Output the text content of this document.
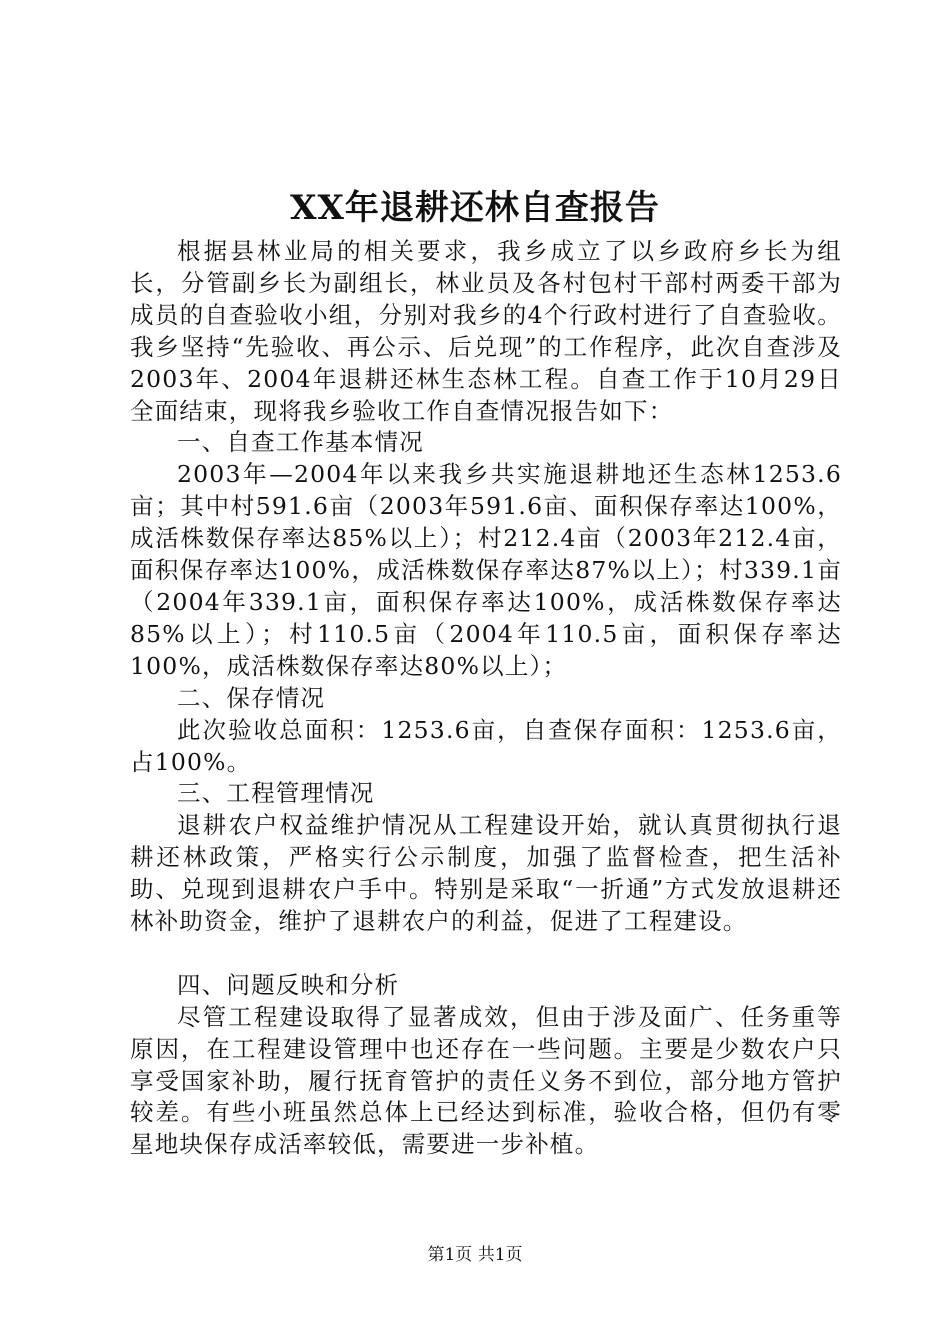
XX年退耕还林自查报告

根据县林业局的相关要求，我乡成立了以乡政府乡长为组长，分管副乡长为副组长，林业员及各村包村干部村两委干部为成员的自查验收小组，分别对我乡的4个行政村进行了自查验收。我乡坚持“先验收、再公示、后兑现”的工作程序，此次自查涉及2003年、2004年退耕还林生态林工程。自查工作于10月29日全面结束，现将我乡验收工作自查情况报告如下：

一、自查工作基本情况

2003年—2004年以来我乡共实施退耕地还生态林1253.6亩；其中村591.6亩（2003年591.6亩、面积保存率达100%，成活株数保存率达85%以上）；村212.4亩（2003年212.4亩，面积保存率达100%，成活株数保存率达87%以上）；村339.1亩（2004年339.1亩，面积保存率达100%，成活株数保存率达85%以上）；村110.5亩（2004年110.5亩，面积保存率达100%，成活株数保存率达80%以上）；

二、保存情况

此次验收总面积：1253.6亩，自查保存面积：1253.6亩，占100%。

三、工程管理情况

退耕农户权益维护情况从工程建设开始，就认真贯彻执行退耕还林政策，严格实行公示制度，加强了监督检查，把生活补助、兑现到退耕农户手中。特别是采取“一折通”方式发放退耕还林补助资金，维护了退耕农户的利益，促进了工程建设。

四、问题反映和分析

尽管工程建设取得了显著成效，但由于涉及面广、任务重等原因，在工程建设管理中也还存在一些问题。主要是少数农户只享受国家补助，履行抚育管护的责任义务不到位，部分地方管护较差。有些小班虽然总体上已经达到标准，验收合格，但仍有零星地块保存成活率较低，需要进一步补植。

第1页 共1页
